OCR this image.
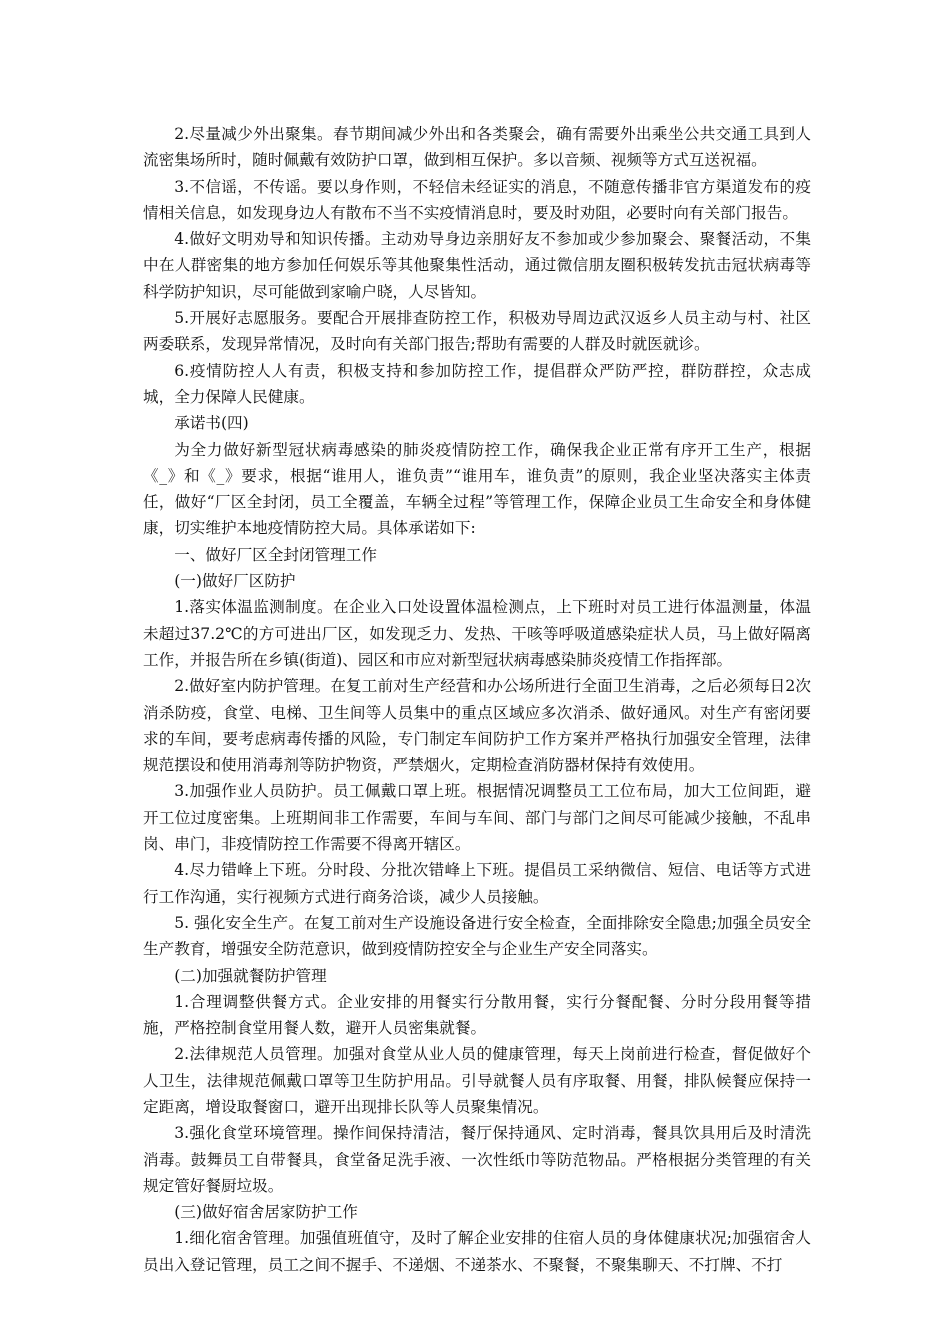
2.尽量减少外出聚集。春节期间减少外出和各类聚会，确有需要外出乘坐公共交通工具到人流密集场所时，随时佩戴有效防护口罩，做到相互保护。多以音频、视频等方式互送祝福。

3.不信谣，不传谣。要以身作则，不轻信未经证实的消息，不随意传播非官方渠道发布的疫情相关信息，如发现身边人有散布不当不实疫情消息时，要及时劝阻，必要时向有关部门报告。

4.做好文明劝导和知识传播。主动劝导身边亲朋好友不参加或少参加聚会、聚餐活动，不集中在人群密集的地方参加任何娱乐等其他聚集性活动，通过微信朋友圈积极转发抗击冠状病毒等科学防护知识，尽可能做到家喻户晓，人尽皆知。

5.开展好志愿服务。要配合开展排查防控工作，积极劝导周边武汉返乡人员主动与村、社区两委联系，发现异常情况，及时向有关部门报告;帮助有需要的人群及时就医就诊。

6.疫情防控人人有责，积极支持和参加防控工作，提倡群众严防严控，群防群控，众志成城，全力保障人民健康。

承诺书(四)

为全力做好新型冠状病毒感染的肺炎疫情防控工作，确保我企业正常有序开工生产，根据《_》和《_》要求，根据“谁用人，谁负责”“谁用车，谁负责”的原则，我企业坚决落实主体责任，做好“厂区全封闭，员工全覆盖，车辆全过程”等管理工作，保障企业员工生命安全和身体健康，切实维护本地疫情防控大局。具体承诺如下:

一、做好厂区全封闭管理工作

(一)做好厂区防护

1.落实体温监测制度。在企业入口处设置体温检测点，上下班时对员工进行体温测量，体温未超过37.2℃的方可进出厂区，如发现乏力、发热、干咳等呼吸道感染症状人员，马上做好隔离工作，并报告所在乡镇(街道)、园区和市应对新型冠状病毒感染肺炎疫情工作指挥部。

2.做好室内防护管理。在复工前对生产经营和办公场所进行全面卫生消毒，之后必须每日2次消杀防疫，食堂、电梯、卫生间等人员集中的重点区域应多次消杀、做好通风。对生产有密闭要求的车间，要考虑病毒传播的风险，专门制定车间防护工作方案并严格执行加强安全管理，法律规范摆设和使用消毒剂等防护物资，严禁烟火，定期检查消防器材保持有效使用。

3.加强作业人员防护。员工佩戴口罩上班。根据情况调整员工工位布局，加大工位间距，避开工位过度密集。上班期间非工作需要，车间与车间、部门与部门之间尽可能减少接触，不乱串岗、串门，非疫情防控工作需要不得离开辖区。

4.尽力错峰上下班。分时段、分批次错峰上下班。提倡员工采纳微信、短信、电话等方式进行工作沟通，实行视频方式进行商务洽谈，减少人员接触。

5. 强化安全生产。在复工前对生产设施设备进行安全检查，全面排除安全隐患;加强全员安全生产教育，增强安全防范意识，做到疫情防控安全与企业生产安全同落实。

(二)加强就餐防护管理

1.合理调整供餐方式。企业安排的用餐实行分散用餐，实行分餐配餐、分时分段用餐等措施，严格控制食堂用餐人数，避开人员密集就餐。

2.法律规范人员管理。加强对食堂从业人员的健康管理，每天上岗前进行检查，督促做好个人卫生，法律规范佩戴口罩等卫生防护用品。引导就餐人员有序取餐、用餐，排队候餐应保持一定距离，增设取餐窗口，避开出现排长队等人员聚集情况。

3.强化食堂环境管理。操作间保持清洁，餐厅保持通风、定时消毒，餐具饮具用后及时清洗消毒。鼓舞员工自带餐具，食堂备足洗手液、一次性纸巾等防范物品。严格根据分类管理的有关规定管好餐厨垃圾。

(三)做好宿舍居家防护工作

1.细化宿舍管理。加强值班值守，及时了解企业安排的住宿人员的身体健康状况;加强宿舍人员出入登记管理，员工之间不握手、不递烟、不递茶水、不聚餐，不聚集聊天、不打牌、不打
